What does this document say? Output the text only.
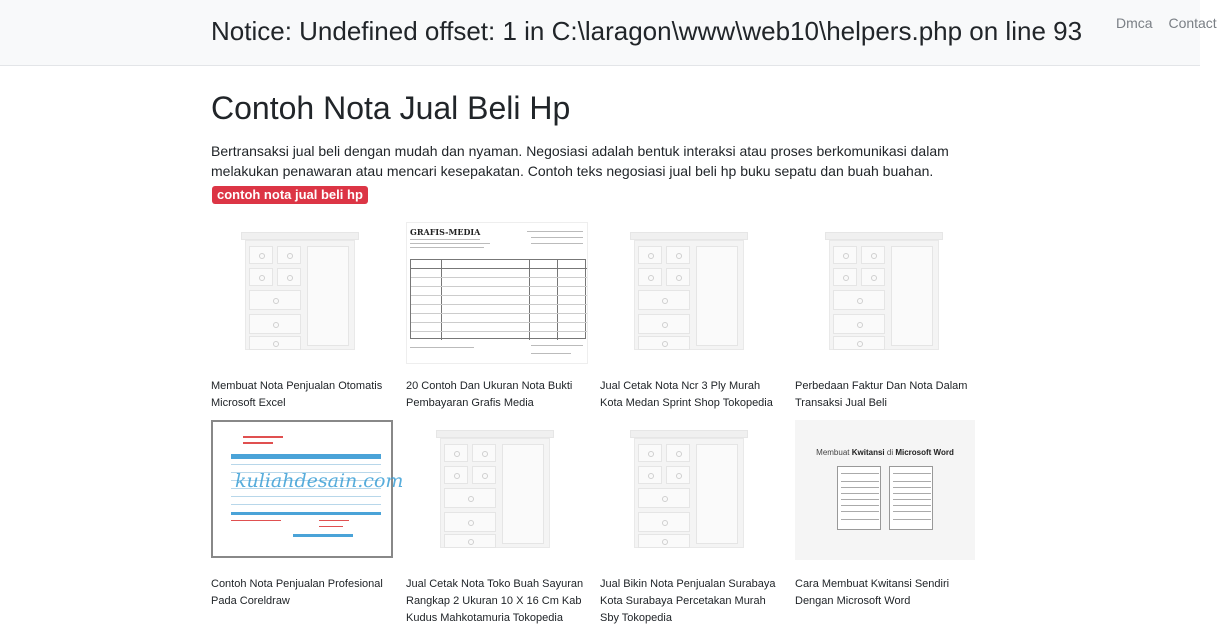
Notice: Undefined offset: 1 in C:\laragon\www\web10\helpers.php on line 93 Dmca Contact
Contoh Nota Jual Beli Hp

Bertransaksi jual beli dengan mudah dan nyaman. Negosiasi adalah bentuk interaksi atau proses berkomunikasi dalam melakukan penawaran atau mencari kesepakatan. Contoh teks negosiasi jual beli hp buku sepatu dan buah buahan.

contoh nota jual beli hp
Membuat Nota Penjualan Otomatis Microsoft Excel
GRAFIS-MEDIA
20 Contoh Dan Ukuran Nota Bukti Pembayaran Grafis Media
Jual Cetak Nota Ncr 3 Ply Murah Kota Medan Sprint Shop Tokopedia
Perbedaan Faktur Dan Nota Dalam Transaksi Jual Beli
kuliahdesain.com
Contoh Nota Penjualan Profesional Pada Coreldraw
Jual Cetak Nota Toko Buah Sayuran Rangkap 2 Ukuran 10 X 16 Cm Kab Kudus Mahkotamuria Tokopedia
Jual Bikin Nota Penjualan Surabaya Kota Surabaya Percetakan Murah Sby Tokopedia
Membuat Kwitansi di Microsoft Word
Cara Membuat Kwitansi Sendiri Dengan Microsoft Word
